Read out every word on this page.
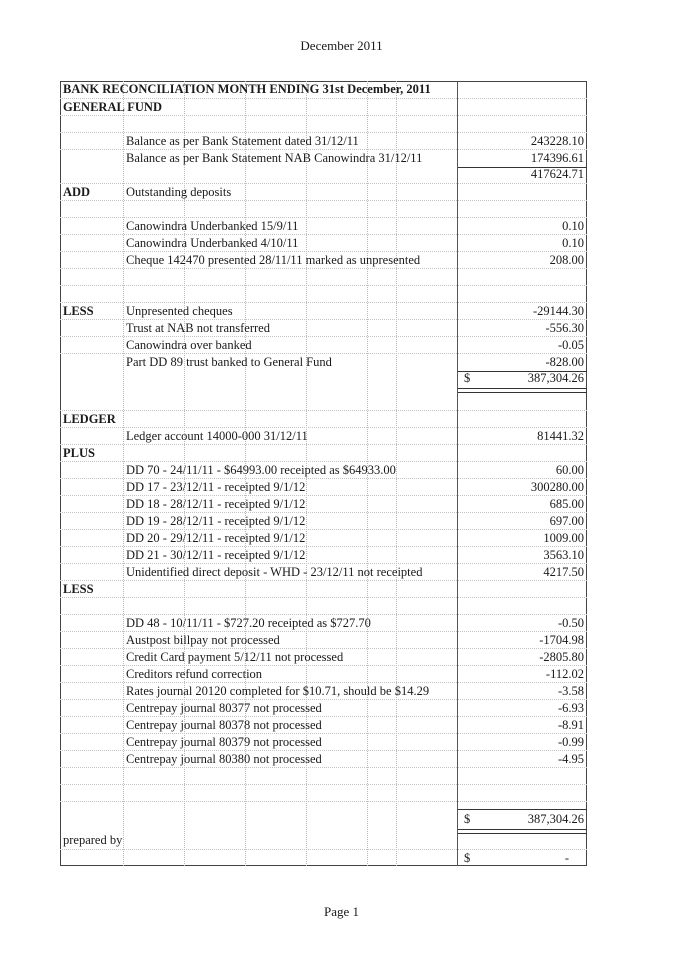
December 2011
BANK RECONCILIATION MONTH ENDING 31st December, 2011
GENERAL FUND
Balance as per Bank Statement dated 31/12/11	243228.10
Balance as per Bank Statement NAB Canowindra 31/12/11	174396.61
417624.71
ADD	Outstanding deposits
Canowindra Underbanked 15/9/11	0.10
Canowindra Underbanked 4/10/11	0.10
Cheque 142470 presented 28/11/11 marked as unpresented	208.00
LESS	Unpresented cheques	-29144.30
Trust at NAB not transferred	-556.30
Canowindra over banked	-0.05
Part DD 89 trust banked to General Fund	-828.00
$	387,304.26
LEDGER
Ledger account 14000-000 31/12/11	81441.32
PLUS
DD 70 - 24/11/11 - $64993.00 receipted as $64933.00	60.00
DD 17 - 23/12/11 - receipted 9/1/12	300280.00
DD 18 - 28/12/11 - receipted 9/1/12	685.00
DD 19 - 28/12/11 - receipted 9/1/12	697.00
DD 20 - 29/12/11 - receipted 9/1/12	1009.00
DD 21 - 30/12/11 - receipted 9/1/12	3563.10
Unidentified direct deposit - WHD - 23/12/11 not receipted	4217.50
LESS
DD 48 - 10/11/11 - $727.20 receipted as $727.70	-0.50
Austpost billpay not processed	-1704.98
Credit Card payment 5/12/11 not processed	-2805.80
Creditors refund correction	-112.02
Rates journal 20120 completed for $10.71, should be $14.29	-3.58
Centrepay journal 80377 not processed	-6.93
Centrepay journal 80378 not processed	-8.91
Centrepay journal 80379 not processed	-0.99
Centrepay journal 80380 not processed	-4.95
$	387,304.26
prepared by
$	-
Page 1
